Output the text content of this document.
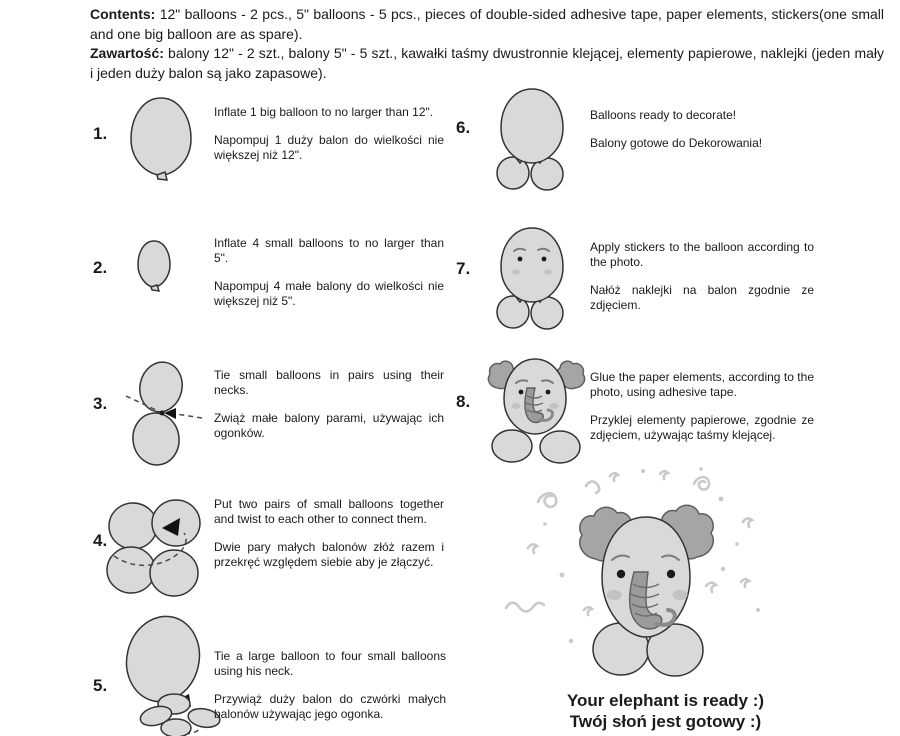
Contents: 12" balloons - 2 pcs., 5" balloons - 5 pcs., pieces of double-sided adhesive tape, paper elements, stickers(one small and one big balloon are as spare).

Zawartość: balony 12" - 2 szt., balony 5" - 5 szt., kawałki taśmy dwustronnie klejącej, elementy papierowe, naklejki (jeden mały i jeden duży balon są jako zapasowe).

1.

Inflate 1 big balloon to no larger than 12".

Napompuj 1 duży balon do wielkości nie większej niż 12".

2.

Inflate 4 small balloons to no larger than 5".

Napompuj 4 małe balony do wielkości nie większej niż 5".

3.

Tie small balloons in pairs using their necks.

Zwiąż małe balony parami, używając ich ogonków.

4.

Put two pairs of small balloons together and twist to each other to connect them.

Dwie pary małych balonów złóż razem i przekręć względem siebie aby je złączyć.

5.

Tie a large balloon to four small balloons using his neck.

Przywiąż duży balon do czwórki małych balonów używając jego ogonka.

6.

Balloons ready to decorate!

Balony gotowe do Dekorowania!

7.

Apply stickers to the balloon according to the photo.

Nałóż naklejki na balon zgodnie ze zdjęciem.

8.

Glue the paper elements, according to the photo, using adhesive tape.

Przyklej elementy papierowe, zgodnie ze zdjęciem, używając taśmy klejącej.

Your elephant is ready :)
Twój słoń jest gotowy :)
